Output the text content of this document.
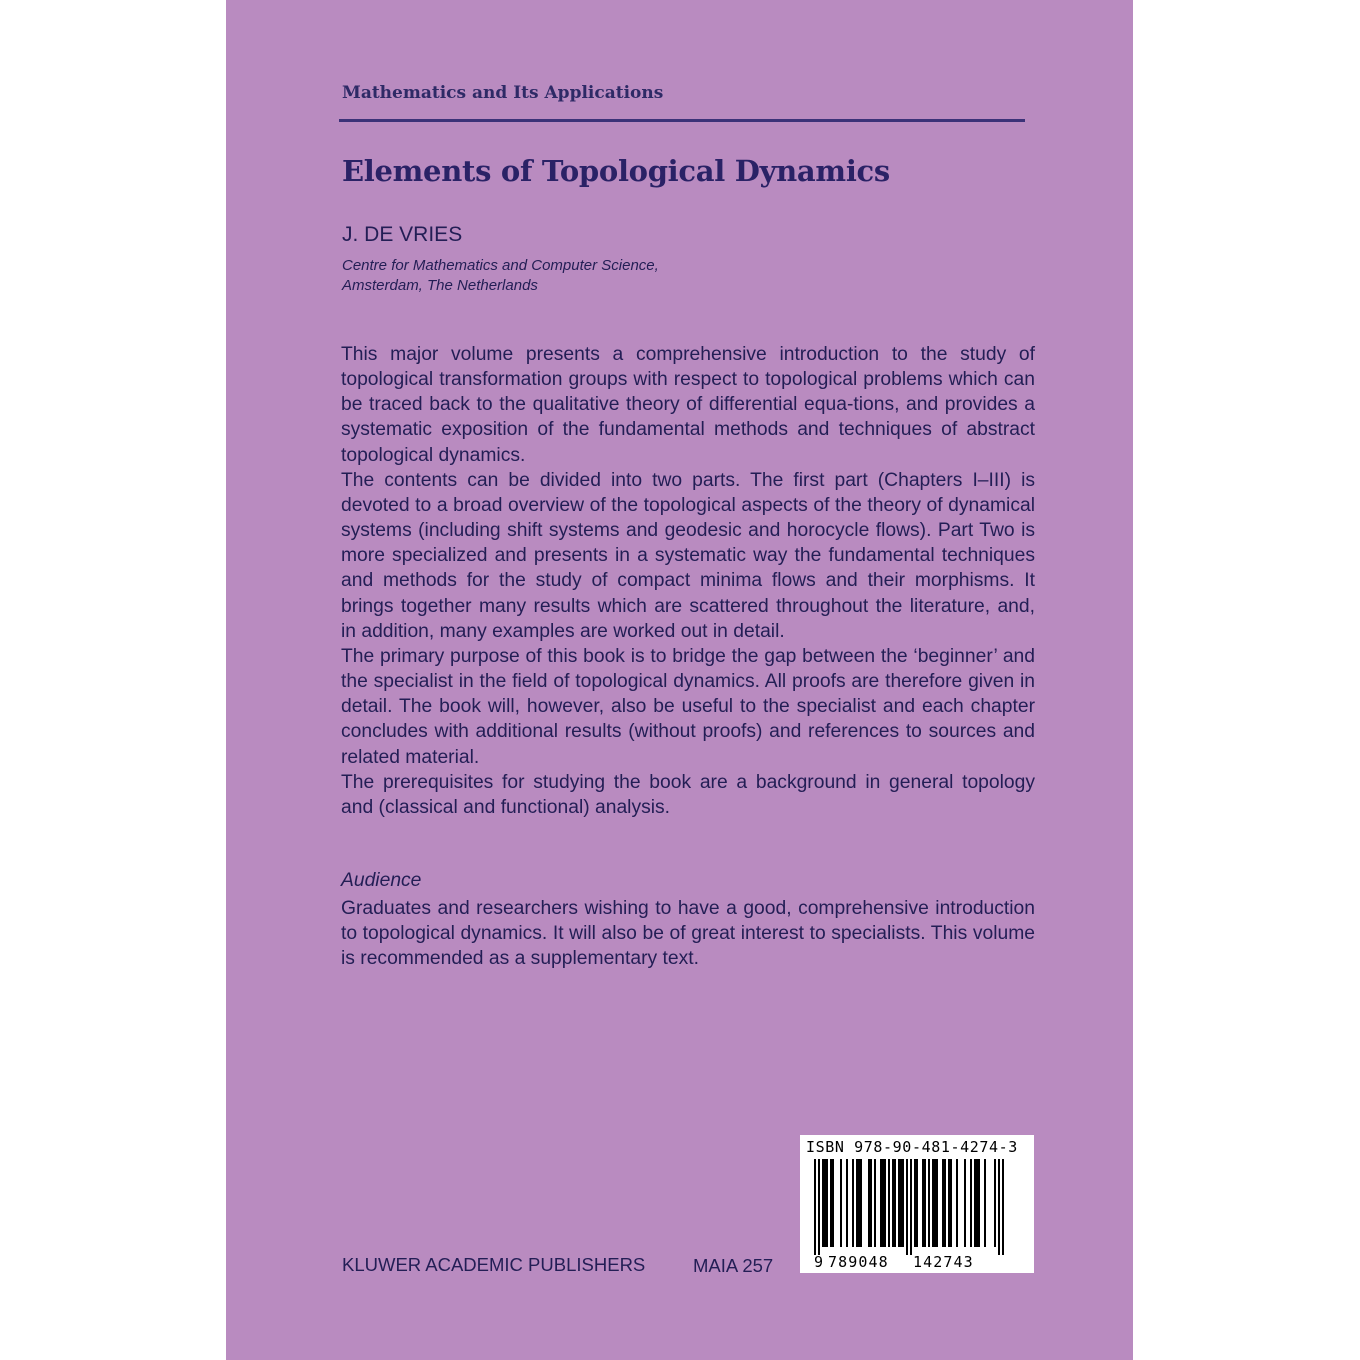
Mathematics and Its Applications
Elements of Topological Dynamics
J. DE VRIES
Centre for Mathematics and Computer Science,
Amsterdam, The Netherlands

This major volume presents a comprehensive introduction to the study of topological transformation groups with respect to topological problems which can be traced back to the qualitative theory of differential equa-tions, and provides a systematic exposition of the fundamental methods and techniques of abstract topological dynamics.

The contents can be divided into two parts. The first part (Chapters I–III) is devoted to a broad overview of the topological aspects of the theory of dynamical systems (including shift systems and geodesic and horocycle flows). Part Two is more specialized and presents in a systematic way the fundamental techniques and methods for the study of compact minima flows and their morphisms. It brings together many results which are scattered throughout the literature, and, in addition, many examples are worked out in detail.

The primary purpose of this book is to bridge the gap between the ‘beginner’ and the specialist in the field of topological dynamics. All proofs are therefore given in detail. The book will, however, also be useful to the specialist and each chapter concludes with additional results (without proofs) and references to sources and related material.

The prerequisites for studying the book are a background in general topology and (classical and functional) analysis.

Audience

Graduates and researchers wishing to have a good, comprehensive introduction to topological dynamics. It will also be of great interest to specialists. This volume is recommended as a supplementary text.

KLUWER ACADEMIC PUBLISHERS	MAIA 257
ISBN 978-90-481-4274-3
9 789048 142743
